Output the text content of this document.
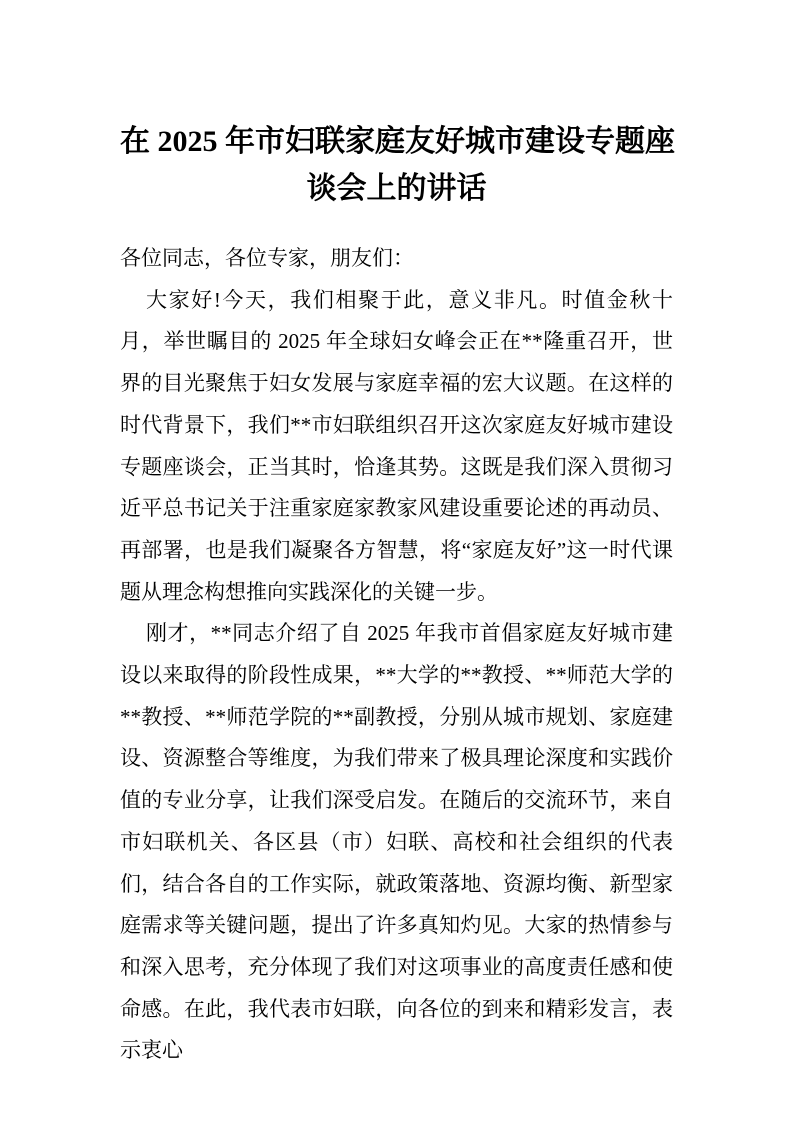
在 2025 年市妇联家庭友好城市建设专题座
谈会上的讲话

各位同志，各位专家，朋友们：

大家好!今天，我们相聚于此，意义非凡。时值金秋十月，举世瞩目的 2025 年全球妇女峰会正在**隆重召开，世界的目光聚焦于妇女发展与家庭幸福的宏大议题。在这样的时代背景下，我们**市妇联组织召开这次家庭友好城市建设专题座谈会，正当其时，恰逢其势。这既是我们深入贯彻习近平总书记关于注重家庭家教家风建设重要论述的再动员、再部署，也是我们凝聚各方智慧，将“家庭友好”这一时代课题从理念构想推向实践深化的关键一步。

刚才，**同志介绍了自 2025 年我市首倡家庭友好城市建设以来取得的阶段性成果，**大学的**教授、**师范大学的**教授、**师范学院的**副教授，分别从城市规划、家庭建设、资源整合等维度，为我们带来了极具理论深度和实践价值的专业分享，让我们深受启发。在随后的交流环节，来自市妇联机关、各区县（市）妇联、高校和社会组织的代表们，结合各自的工作实际，就政策落地、资源均衡、新型家庭需求等关键问题，提出了许多真知灼见。大家的热情参与和深入思考，充分体现了我们对这项事业的高度责任感和使命感。在此，我代表市妇联，向各位的到来和精彩发言，表示衷心
